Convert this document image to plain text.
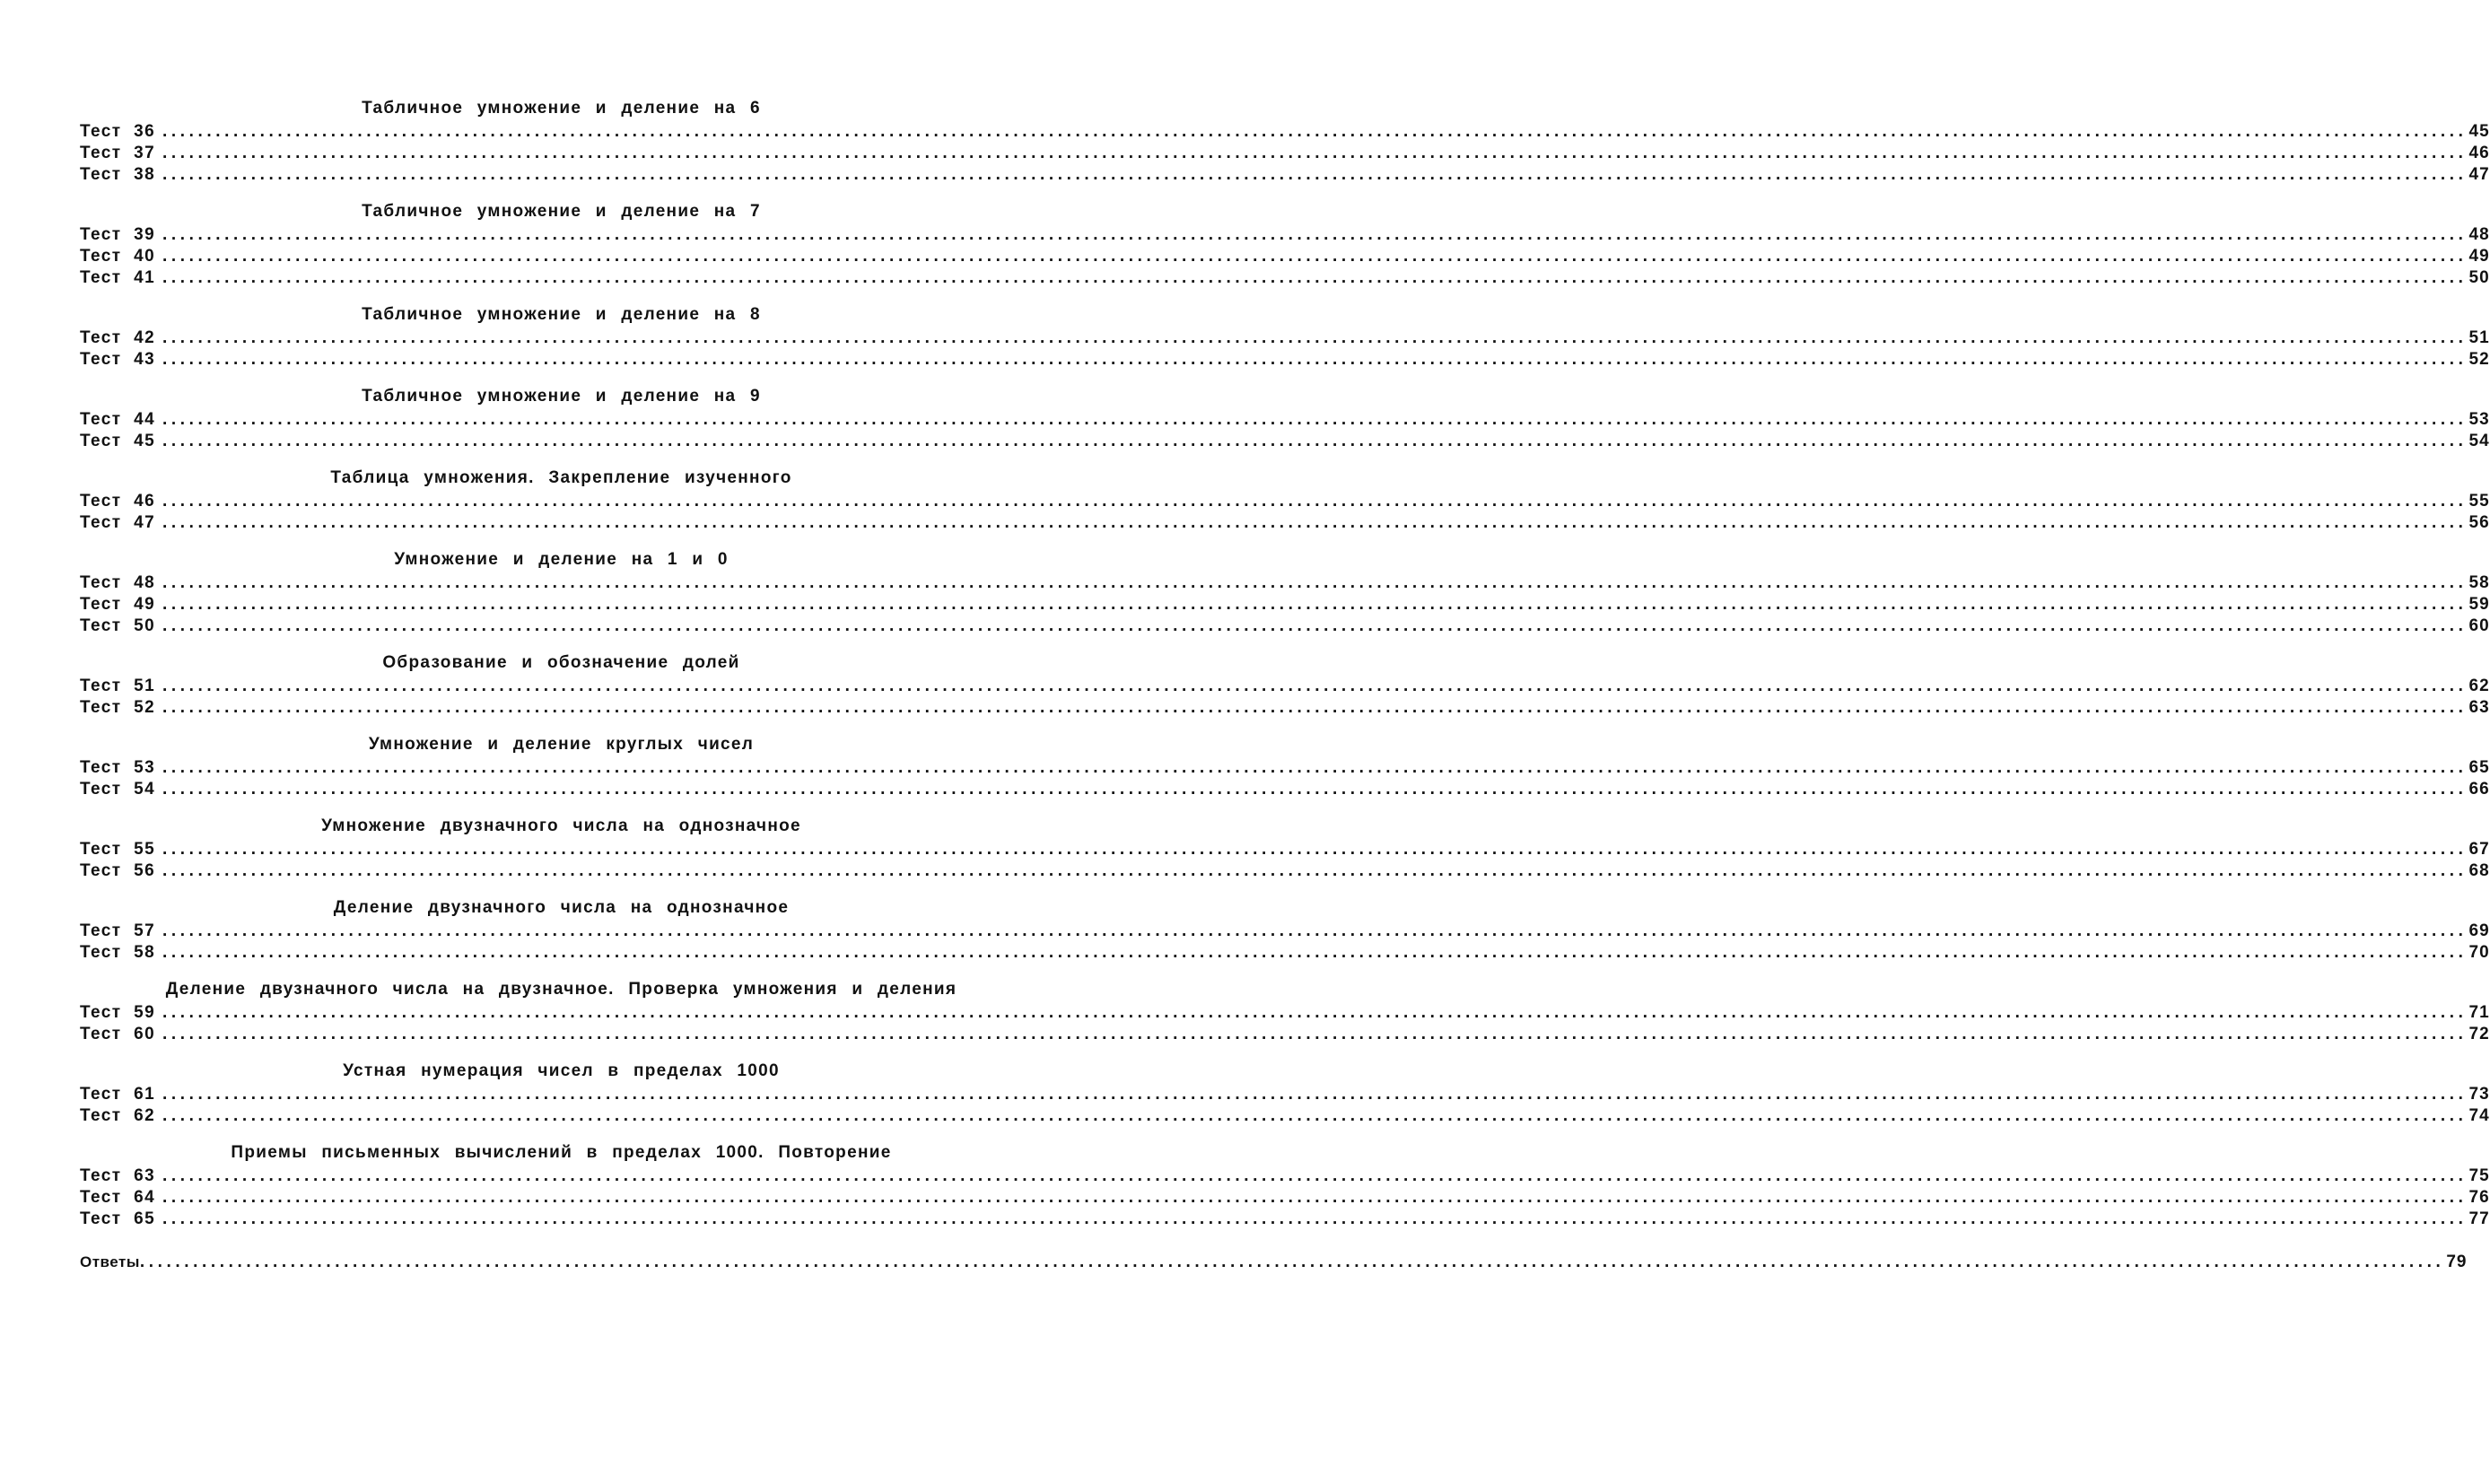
Табличное умножение и деление на 6
Тест 36 .................................................................................................................................................................................................................................................................... 45
Тест 37 .................................................................................................................................................................................................................................................................... 46
Тест 38 .................................................................................................................................................................................................................................................................... 47
Табличное умножение и деление на 7
Тест 39 .................................................................................................................................................................................................................................................................... 48
Тест 40 .................................................................................................................................................................................................................................................................... 49
Тест 41 .................................................................................................................................................................................................................................................................... 50
Табличное умножение и деление на 8
Тест 42 .................................................................................................................................................................................................................................................................... 51
Тест 43 .................................................................................................................................................................................................................................................................... 52
Табличное умножение и деление на 9
Тест 44 .................................................................................................................................................................................................................................................................... 53
Тест 45 .................................................................................................................................................................................................................................................................... 54
Таблица умножения. Закрепление изученного
Тест 46 .................................................................................................................................................................................................................................................................... 55
Тест 47 .................................................................................................................................................................................................................................................................... 56
Умножение и деление на 1 и 0
Тест 48 .................................................................................................................................................................................................................................................................... 58
Тест 49 .................................................................................................................................................................................................................................................................... 59
Тест 50 .................................................................................................................................................................................................................................................................... 60
Образование и обозначение долей
Тест 51 .................................................................................................................................................................................................................................................................... 62
Тест 52 .................................................................................................................................................................................................................................................................... 63
Умножение и деление круглых чисел
Тест 53 .................................................................................................................................................................................................................................................................... 65
Тест 54 .................................................................................................................................................................................................................................................................... 66
Умножение двузначного числа на однозначное
Тест 55 .................................................................................................................................................................................................................................................................... 67
Тест 56 .................................................................................................................................................................................................................................................................... 68
Деление двузначного числа на однозначное
Тест 57 .................................................................................................................................................................................................................................................................... 69
Тест 58 .................................................................................................................................................................................................................................................................... 70
Деление двузначного числа на двузначное. Проверка умножения и деления
Тест 59 .................................................................................................................................................................................................................................................................... 71
Тест 60 .................................................................................................................................................................................................................................................................... 72
Устная нумерация чисел в пределах 1000
Тест 61 .................................................................................................................................................................................................................................................................... 73
Тест 62 .................................................................................................................................................................................................................................................................... 74
Приемы письменных вычислений в пределах 1000. Повторение
Тест 63 .................................................................................................................................................................................................................................................................... 75
Тест 64 .................................................................................................................................................................................................................................................................... 76
Тест 65 .................................................................................................................................................................................................................................................................... 77
Ответы .................................................................................................................................................................................................................................................................... 79
